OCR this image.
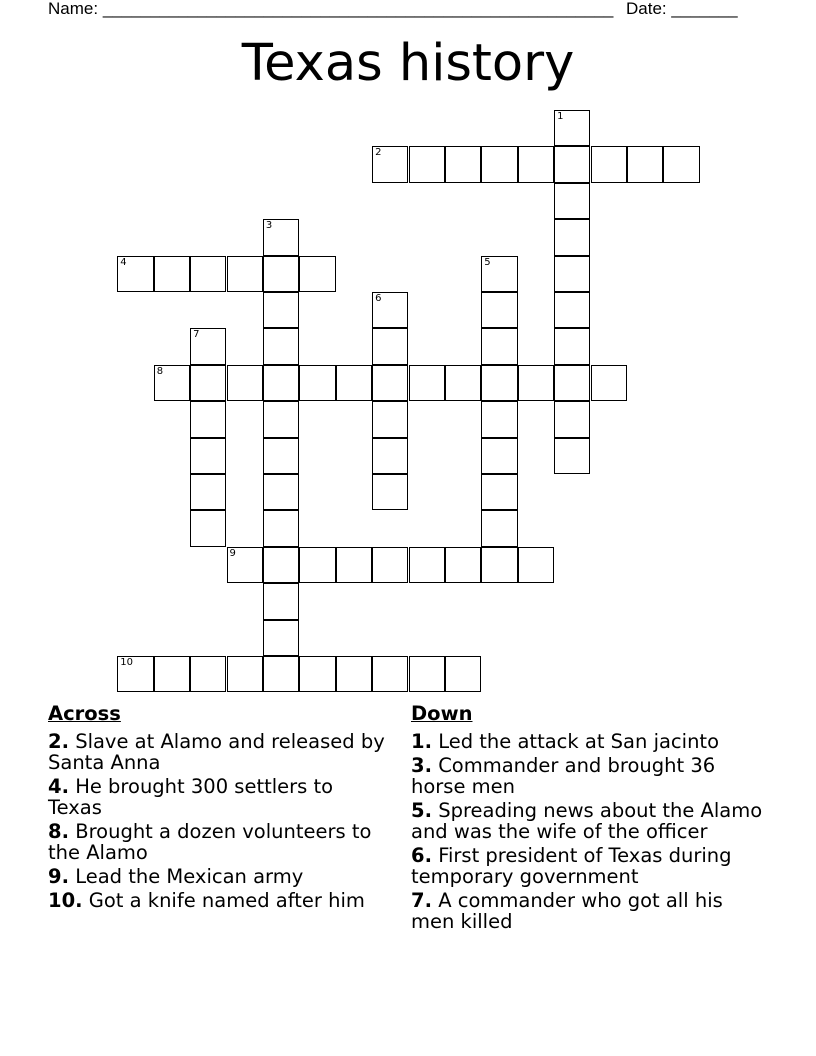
Name: ______________________________________________________ Date: _______
Texas history
1
2
3
4	5
6
7
8
9
10
Across
2. Slave at Alamo and released by Santa Anna
4. He brought 300 settlers to Texas
8. Brought a dozen volunteers to the Alamo
9. Lead the Mexican army
10. Got a knife named after him
Down
1. Led the attack at San jacinto
3. Commander and brought 36 horse men
5. Spreading news about the Alamo and was the wife of the officer
6. First president of Texas during temporary government
7. A commander who got all his men killed
